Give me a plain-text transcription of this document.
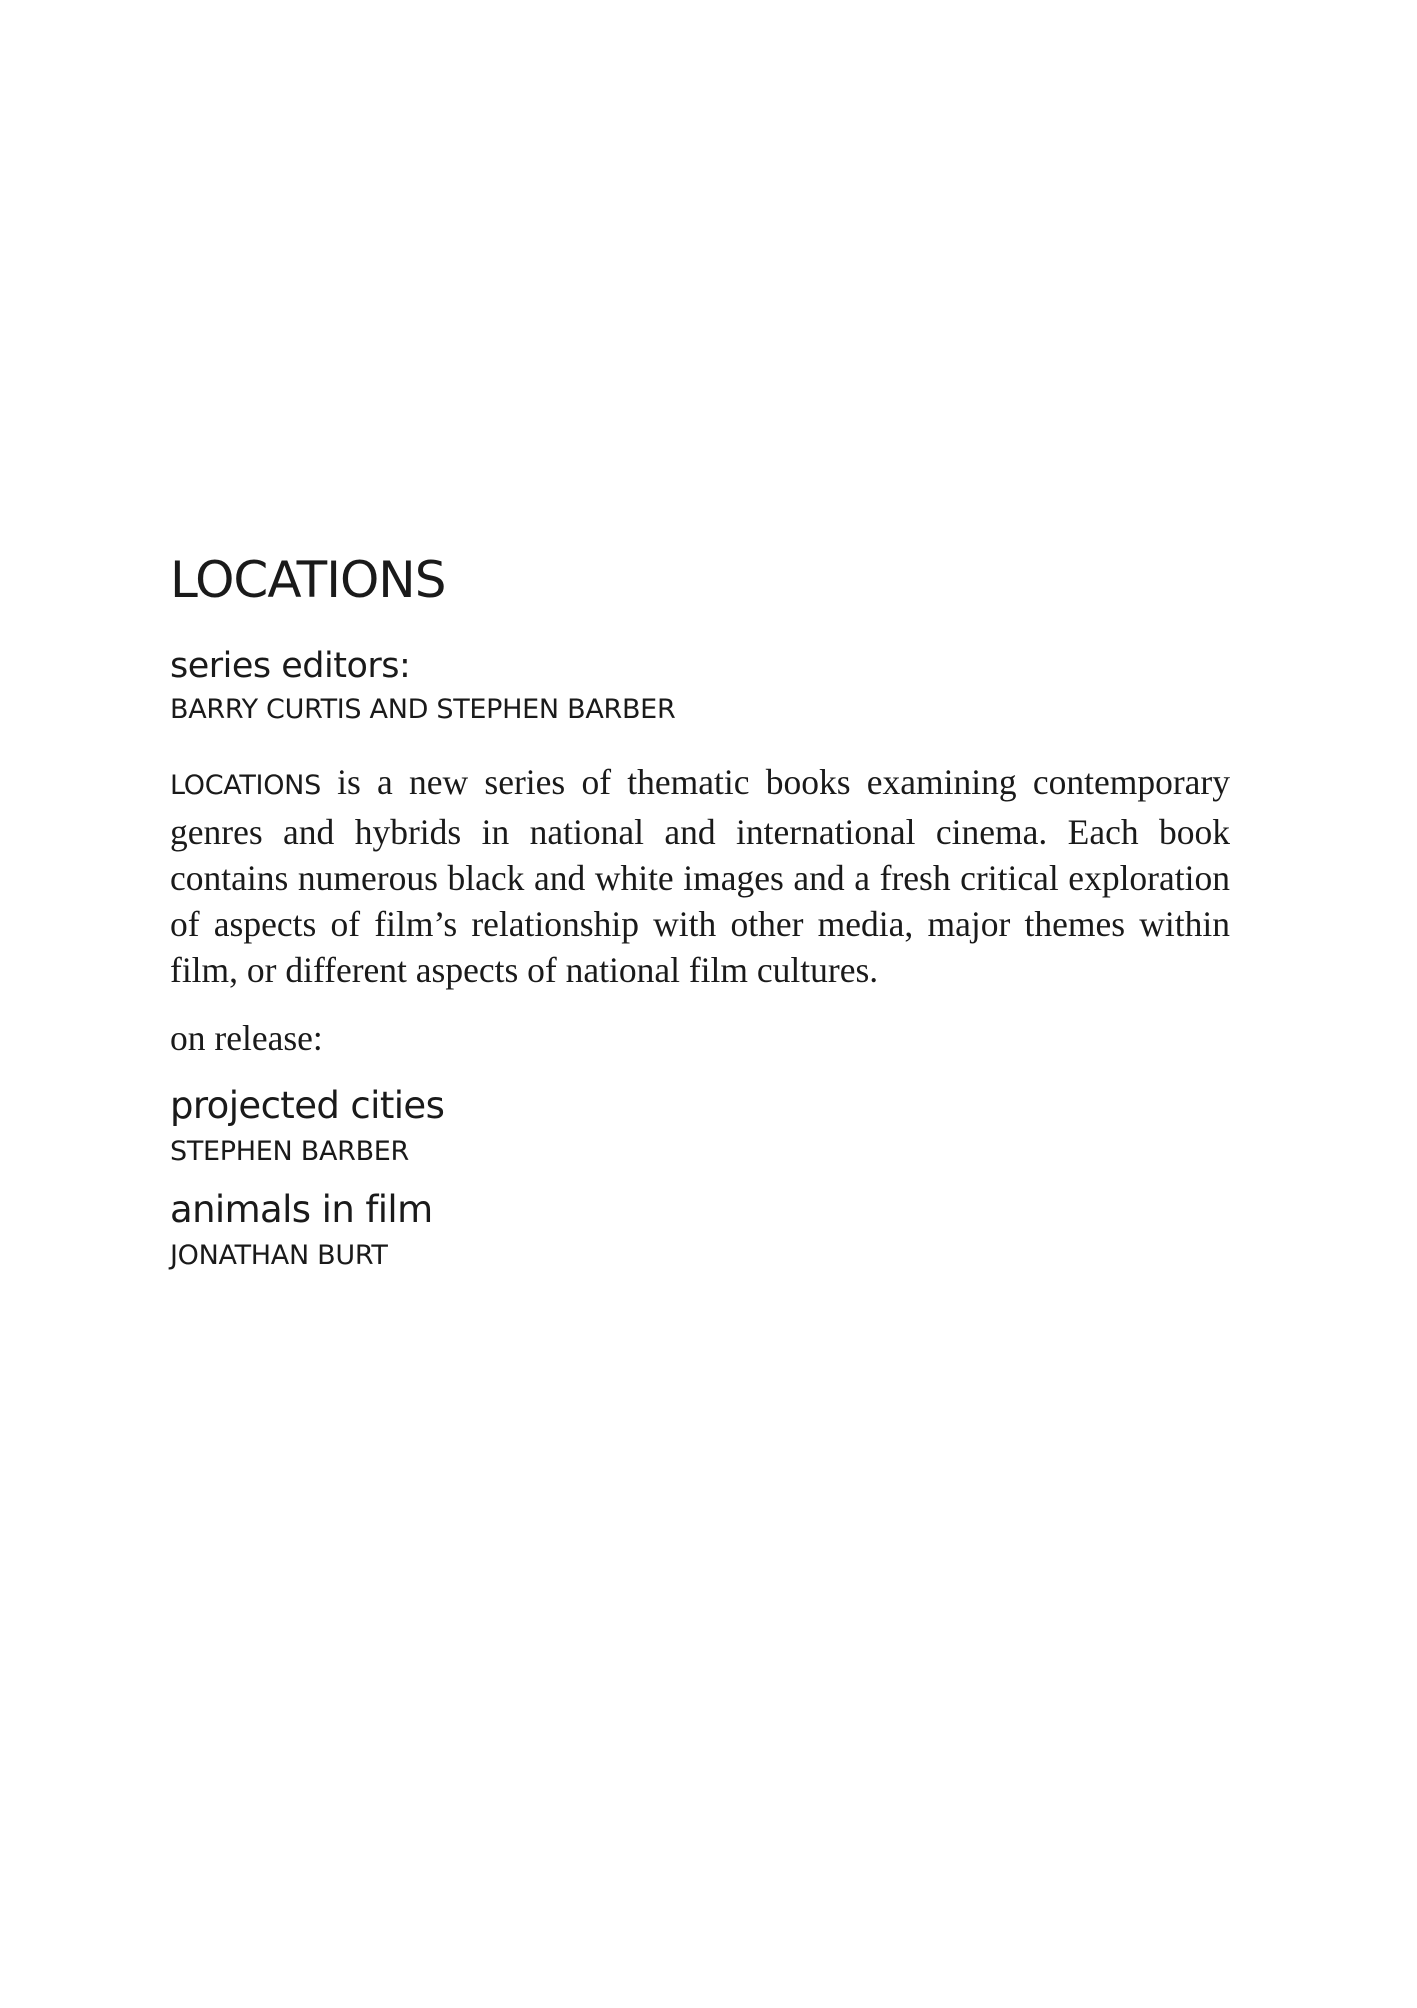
LOCATIONS
series editors:
BARRY CURTIS AND STEPHEN BARBER

LOCATIONS is a new series of thematic books examining contemporary genres and hybrids in national and international cinema. Each book contains numerous black and white images and a fresh critical exploration of aspects of film’s relationship with other media, major themes within film, or different aspects of national film cultures.

on release:
projected cities
STEPHEN BARBER
animals in film
JONATHAN BURT
